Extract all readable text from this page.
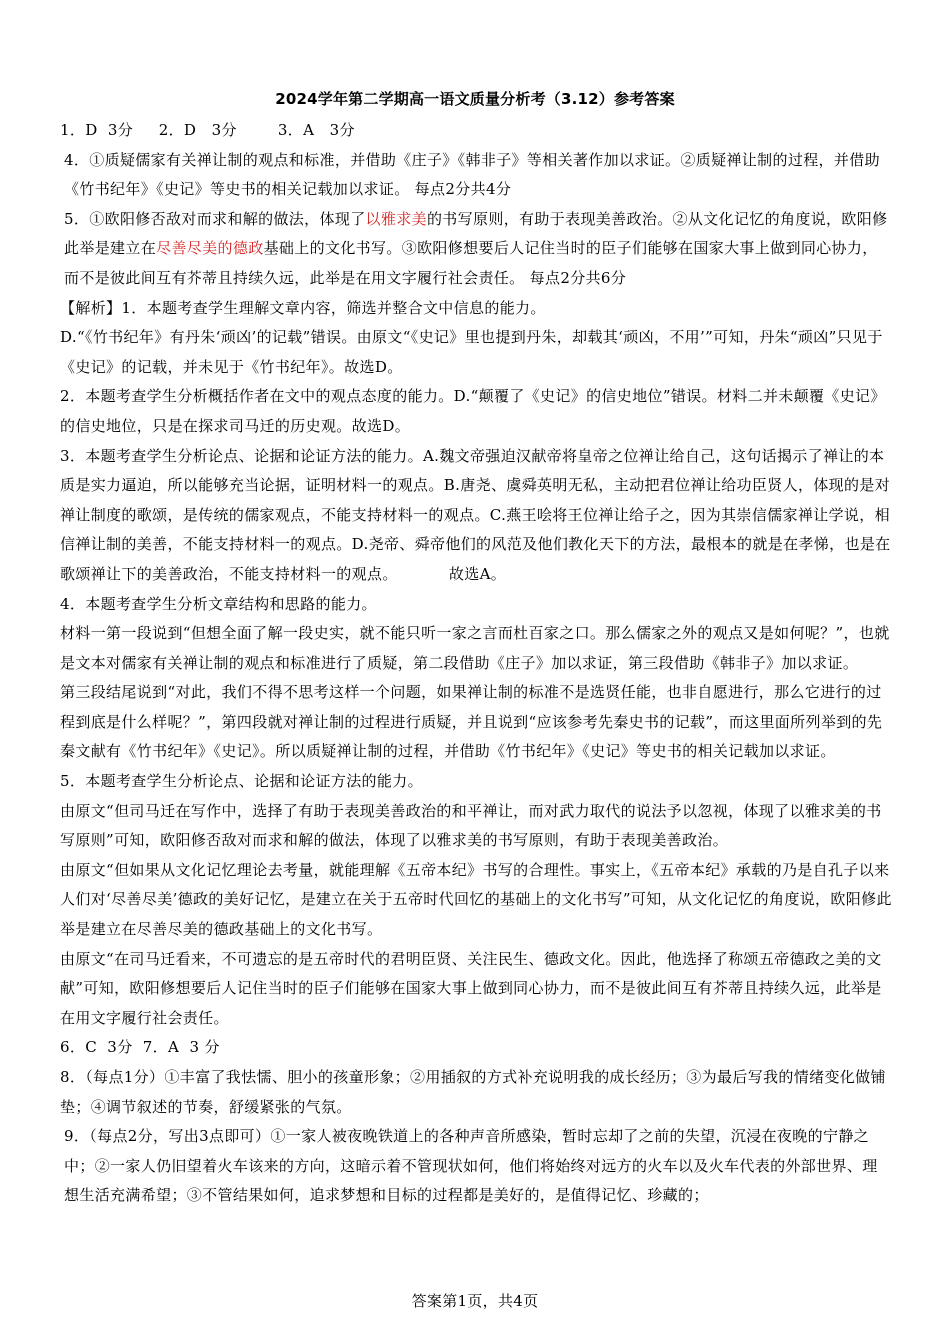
2024学年第二学期高一语文质量分析考（3.12）参考答案

1．D  3分     2．D   3分        3．A   3分

4．①质疑儒家有关禅让制的观点和标准，并借助《庄子》《韩非子》等相关著作加以求证。②质疑禅让制的过程，并借助《竹书纪年》《史记》等史书的相关记载加以求证。 每点2分共4分

5．①欧阳修否敌对而求和解的做法，体现了以雅求美的书写原则，有助于表现美善政治。②从文化记忆的角度说，欧阳修此举是建立在尽善尽美的德政基础上的文化书写。③欧阳修想要后人记住当时的臣子们能够在国家大事上做到同心协力，而不是彼此间互有芥蒂且持续久远，此举是在用文字履行社会责任。 每点2分共6分

【解析】1．本题考查学生理解文章内容，筛选并整合文中信息的能力。

D.“《竹书纪年》有丹朱‘顽凶’的记载”错误。由原文“《史记》里也提到丹朱，却载其‘顽凶，不用’”可知，丹朱“顽凶”只见于《史记》的记载，并未见于《竹书纪年》。故选D。

2．本题考查学生分析概括作者在文中的观点态度的能力。D.“颠覆了《史记》的信史地位”错误。材料二并未颠覆《史记》的信史地位，只是在探求司马迁的历史观。故选D。

3．本题考查学生分析论点、论据和论证方法的能力。A.魏文帝强迫汉献帝将皇帝之位禅让给自己，这句话揭示了禅让的本质是实力逼迫，所以能够充当论据，证明材料一的观点。B.唐尧、虞舜英明无私，主动把君位禅让给功臣贤人，体现的是对禅让制度的歌颂，是传统的儒家观点，不能支持材料一的观点。C.燕王哙将王位禅让给子之，因为其崇信儒家禅让学说，相信禅让制的美善，不能支持材料一的观点。D.尧帝、舜帝他们的风范及他们教化天下的方法，最根本的就是在孝悌，也是在歌颂禅让下的美善政治，不能支持材料一的观点。          故选A。

4．本题考查学生分析文章结构和思路的能力。

材料一第一段说到“但想全面了解一段史实，就不能只听一家之言而杜百家之口。那么儒家之外的观点又是如何呢？”，也就是文本对儒家有关禅让制的观点和标准进行了质疑，第二段借助《庄子》加以求证，第三段借助《韩非子》加以求证。

第三段结尾说到“对此，我们不得不思考这样一个问题，如果禅让制的标准不是选贤任能，也非自愿进行，那么它进行的过程到底是什么样呢？”，第四段就对禅让制的过程进行质疑，并且说到“应该参考先秦史书的记载”，而这里面所列举到的先秦文献有《竹书纪年》《史记》。所以质疑禅让制的过程，并借助《竹书纪年》《史记》等史书的相关记载加以求证。

5．本题考查学生分析论点、论据和论证方法的能力。

由原文“但司马迁在写作中，选择了有助于表现美善政治的和平禅让，而对武力取代的说法予以忽视，体现了以雅求美的书写原则”可知，欧阳修否敌对而求和解的做法，体现了以雅求美的书写原则，有助于表现美善政治。

由原文“但如果从文化记忆理论去考量，就能理解《五帝本纪》书写的合理性。事实上，《五帝本纪》承载的乃是自孔子以来人们对‘尽善尽美’德政的美好记忆，是建立在关于五帝时代回忆的基础上的文化书写”可知，从文化记忆的角度说，欧阳修此举是建立在尽善尽美的德政基础上的文化书写。

由原文“在司马迁看来，不可遗忘的是五帝时代的君明臣贤、关注民生、德政文化。因此，他选择了称颂五帝德政之美的文献”可知，欧阳修想要后人记住当时的臣子们能够在国家大事上做到同心协力，而不是彼此间互有芥蒂且持续久远，此举是在用文字履行社会责任。

6．C  3分  7．A  3 分

8．（每点1分）①丰富了我怯懦、胆小的孩童形象；②用插叙的方式补充说明我的成长经历；③为最后写我的情绪变化做铺垫；④调节叙述的节奏，舒缓紧张的气氛。

9．（每点2分，写出3点即可）①一家人被夜晚铁道上的各种声音所感染，暂时忘却了之前的失望，沉浸在夜晚的宁静之中；②一家人仍旧望着火车该来的方向，这暗示着不管现状如何，他们将始终对远方的火车以及火车代表的外部世界、理想生活充满希望；③不管结果如何，追求梦想和目标的过程都是美好的，是值得记忆、珍藏的；

答案第1页，共4页
